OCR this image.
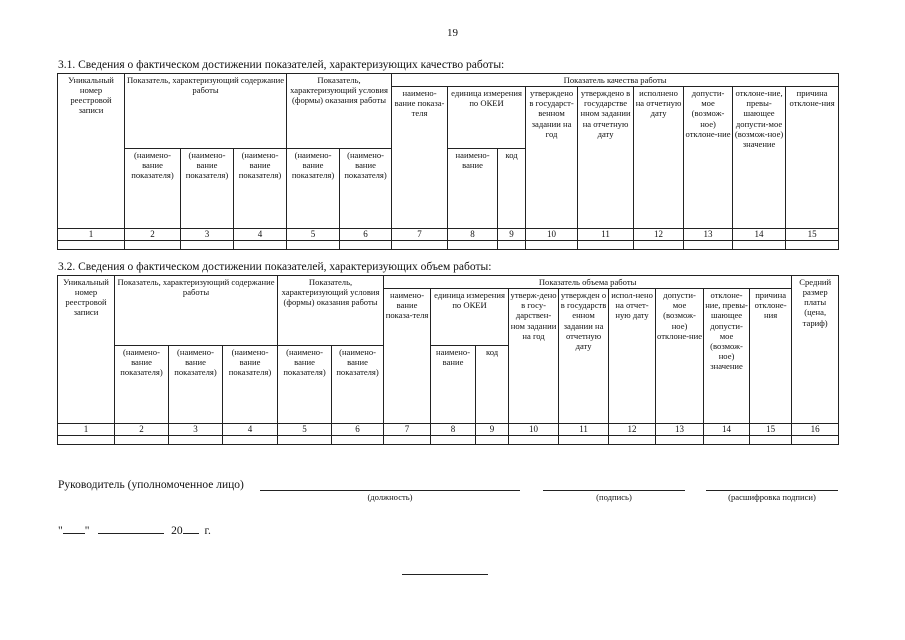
19
3.1. Сведения о фактическом достижении показателей, характеризующих качество работы:
Уникальный номер реестровой записи	Показатель, характеризующий содержание работы			Показатель, характеризующий условия (формы) оказания работы		Показатель качества работы								
						наимено-вание показа-теля	единица измерения по ОКЕИ		утверждено в государст-венном задании на год	утверждено в государстве нном задании на отчетную дату	исполнено на отчетную дату	допусти-мое (возмож-ное) отклоне-ние	отклоне-ние, превы-шающее допусти-мое (возмож-ное) значение	причина отклоне-ния
	(наимено-вание показателя)	(наимено-вание показателя)	(наимено-вание показателя)	(наимено-вание показателя)	(наимено-вание показателя)		наимено-вание	код						
1	2	3	4	5	6	7	8	9	10	11	12	13	14	15

3.2. Сведения о фактическом достижении показателей, характеризующих объем работы:
Уникальный номер реестровой записи	Показатель, характеризующий содержание работы			Показатель, характеризующий условия (формы) оказания работы		Показатель объема работы									Средний размер платы (цена, тариф)
						наимено-вание показа-теля	единица измерения по ОКЕИ		утверж-дено в госу-дарствен-ном задании на год	утвержден о в государств енном задании на отчетную дату	испол-нено на отчет-ную дату	допусти-мое (возмож-ное) отклоне-ние	отклоне-ние, превы-шающее допусти-мое (возмож-ное) значение	причина отклоне-ния	
	(наимено-вание показателя)	(наимено-вание показателя)	(наимено-вание показателя)	(наимено-вание показателя)	(наимено-вание показателя)		наимено-вание	код							
1	2	3	4	5	6	7	8	9	10	11	12	13	14	15	16

Руководитель (уполномоченное лицо)
(должность)	(подпись)	(расшифровка подписи)
" "	20 г.
